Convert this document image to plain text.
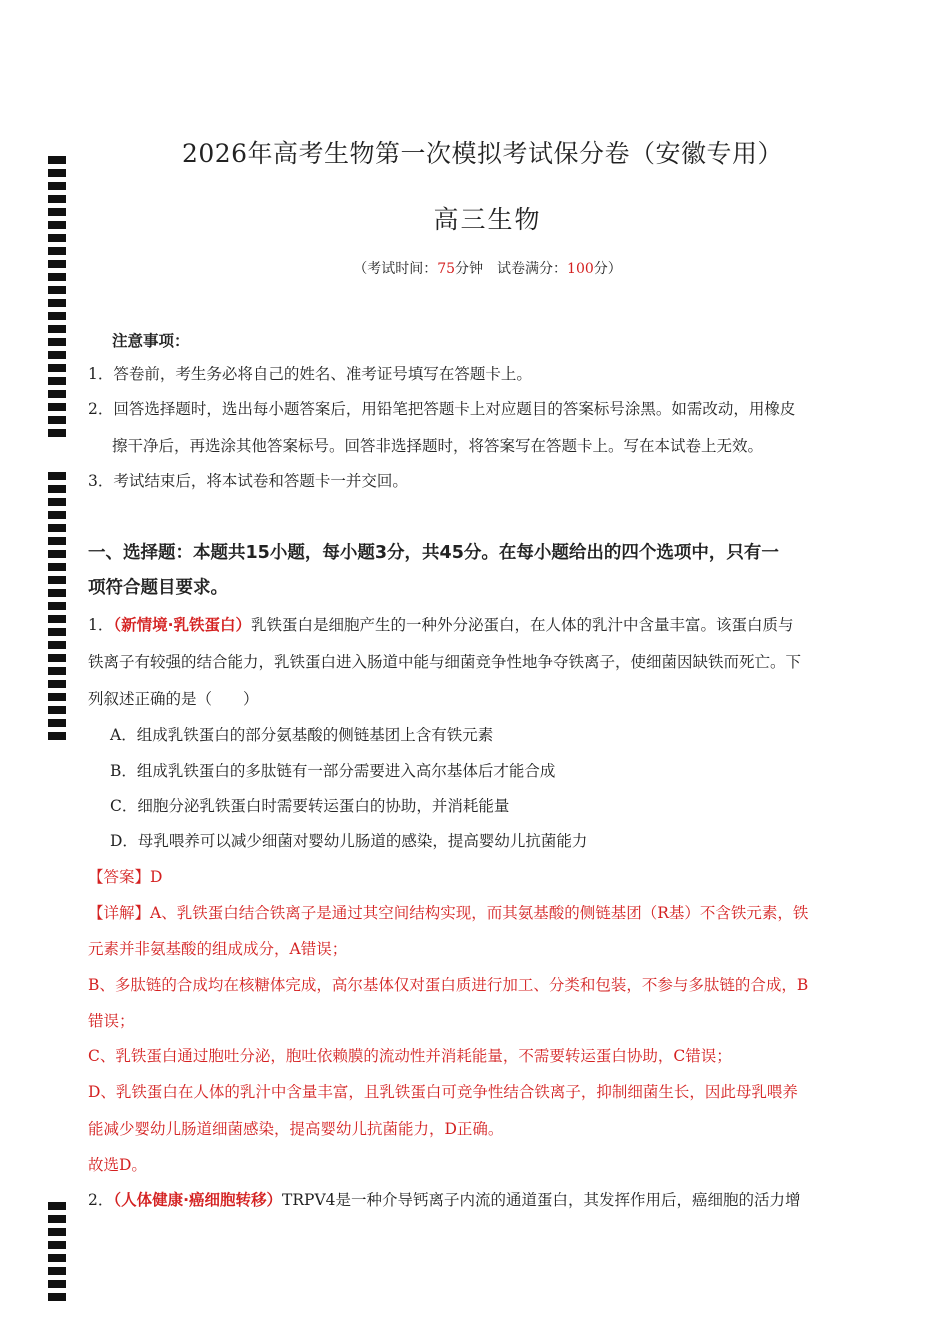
2026年高考生物第一次模拟考试保分卷（安徽专用）
高三生物
（考试时间：75分钟　试卷满分：100分）
注意事项：
1．答卷前，考生务必将自己的姓名、准考证号填写在答题卡上。
2．回答选择题时，选出每小题答案后，用铅笔把答题卡上对应题目的答案标号涂黑。如需改动，用橡皮
擦干净后，再选涂其他答案标号。回答非选择题时，将答案写在答题卡上。写在本试卷上无效。
3．考试结束后，将本试卷和答题卡一并交回。
一、选择题：本题共15小题，每小题3分，共45分。在每小题给出的四个选项中，只有一
项符合题目要求。
1．（新情境·乳铁蛋白）乳铁蛋白是细胞产生的一种外分泌蛋白，在人体的乳汁中含量丰富。该蛋白质与
铁离子有较强的结合能力，乳铁蛋白进入肠道中能与细菌竞争性地争夺铁离子，使细菌因缺铁而死亡。下
列叙述正确的是（　　）
A．组成乳铁蛋白的部分氨基酸的侧链基团上含有铁元素
B．组成乳铁蛋白的多肽链有一部分需要进入高尔基体后才能合成
C．细胞分泌乳铁蛋白时需要转运蛋白的协助，并消耗能量
D．母乳喂养可以减少细菌对婴幼儿肠道的感染，提高婴幼儿抗菌能力
【答案】D
【详解】A、乳铁蛋白结合铁离子是通过其空间结构实现，而其氨基酸的侧链基团（R基）不含铁元素，铁
元素并非氨基酸的组成成分，A错误；
B、多肽链的合成均在核糖体完成，高尔基体仅对蛋白质进行加工、分类和包装，不参与多肽链的合成，B
错误；
C、乳铁蛋白通过胞吐分泌，胞吐依赖膜的流动性并消耗能量，不需要转运蛋白协助，C错误；
D、乳铁蛋白在人体的乳汁中含量丰富，且乳铁蛋白可竞争性结合铁离子，抑制细菌生长，因此母乳喂养
能减少婴幼儿肠道细菌感染，提高婴幼儿抗菌能力，D正确。
故选D。
2．（人体健康·癌细胞转移）TRPV4是一种介导钙离子内流的通道蛋白，其发挥作用后，癌细胞的活力增
